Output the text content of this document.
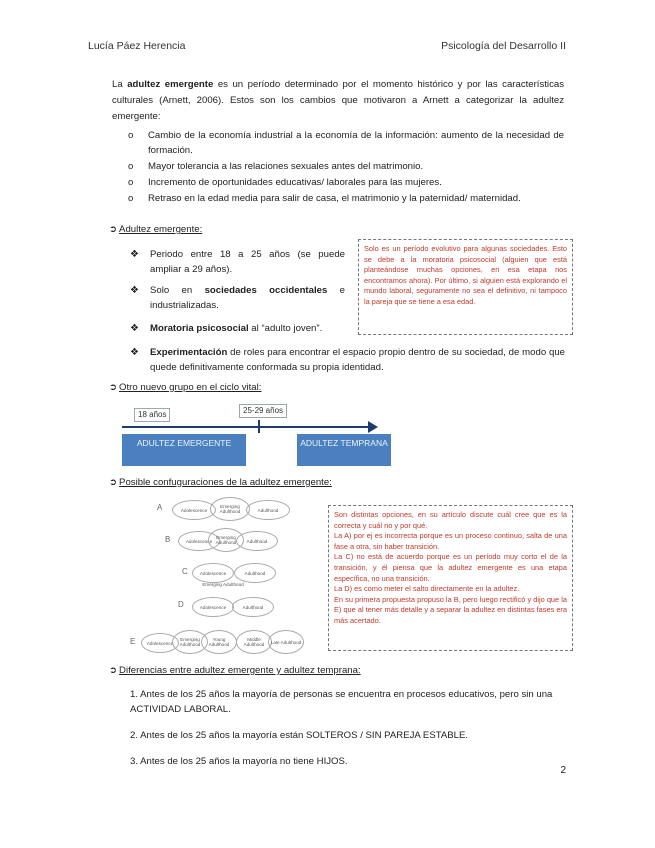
Lucía Páez Herencia	Psicología del Desarrollo II
La adultez emergente es un período determinado por el momento histórico y por las características culturales (Arnett, 2006). Estos son los cambios que motivaron a Arnett a categorizar la adultez emergente:
o Cambio de la economía industrial a la economía de la información: aumento de la necesidad de formación.
o Mayor tolerancia a las relaciones sexuales antes del matrimonio.
o Incremento de oportunidades educativas/ laborales para las mujeres.
o Retraso en la edad media para salir de casa, el matrimonio y la paternidad/ maternidad.
➲ Adultez emergente:
❖ Periodo entre 18 a 25 años (se puede ampliar a 29 años).
❖ Solo en sociedades occidentales e industrializadas.
❖ Moratoria psicosocial al “adulto joven”.
❖ Experimentación de roles para encontrar el espacio propio dentro de su sociedad, de modo que quede definitivamente conformada su propia identidad.
Solo es un período evolutivo para algunas sociedades. Esto se debe a la moratoria psicosocial (alguien que está planteándose muchas opciones, en esa etapa nos encontramos ahora). Por último, si alguien está explorando el mundo laboral, seguramente no sea el definitivo, ni tampoco la pareja que se tiene a esa edad.
➲ Otro nuevo grupo en el ciclo vital:
18 años	25-29 años
ADULTEZ EMERGENTE	ADULTEZ TEMPRANA
➲ Posible confuguraciones de la adultez emergente:
A	Adolescence
Emerging Adulthood	Adulthood
B	Adolescence
Emerging Adulthood	Adulthood
C	Adolescence	Adulthood
Emerging Adulthood
D	Adolescence	Adulthood
E	Adolescence
Emerging Adulthood
Young Adulthood
Middle Adulthood	Late Adulthood
Son distintas opciones, en su artículo discute cuál cree que es la correcta y cuál no y por qué.
La A) por ej es incorrecta porque es un proceso continuo, salta de una fase a otra, sin haber transición.
La C) no está de acuerdo porque es un período muy corto el de la transición, y él piensa que la adultez emergente es una etapa específica, no una transición.
La D) es como meter el salto directamente en la adultez.
En su primera propuesta propuso la B, pero luego rectificó y dijo que la E) que al tener más detalle y a separar la adultez en distintas fases era más acertado.
➲ Diferencias entre adultez emergente y adultez temprana:

1. Antes de los 25 años la mayoría de personas se encuentra en procesos educativos, pero sin una ACTIVIDAD LABORAL.

2. Antes de los 25 años la mayoría están SOLTEROS / SIN PAREJA ESTABLE.

3. Antes de los 25 años la mayoría no tiene HIJOS.

2
